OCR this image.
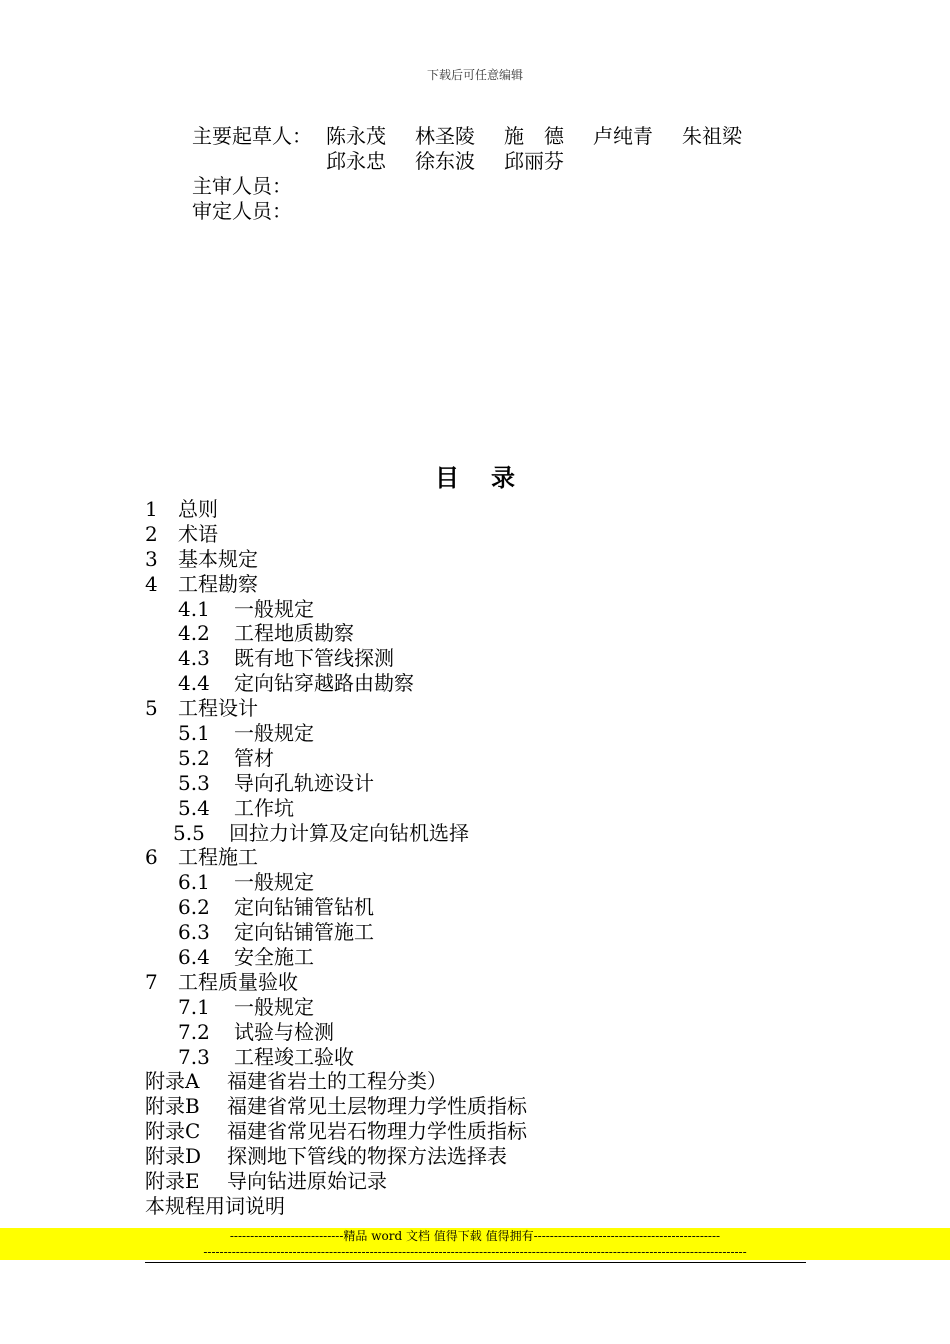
下载后可任意编辑
主要起草人： 陈永茂	林圣陵	施　德	卢纯青	朱祖梁
邱永忠	徐东波	邱丽芬
主审人员：
审定人员：
目录
1 总则
2 术语
3 基本规定
4 工程勘察
4.1 一般规定
4.2 工程地质勘察
4.3 既有地下管线探测
4.4 定向钻穿越路由勘察
5 工程设计
5.1 一般规定
5.2 管材
5.3 导向孔轨迹设计
5.4 工作坑
5.5 回拉力计算及定向钻机选择
6 工程施工
6.1 一般规定
6.2 定向钻铺管钻机
6.3 定向钻铺管施工
6.4 安全施工
7 工程质量验收
7.1 一般规定
7.2 试验与检测
7.3 工程竣工验收
附录A 福建省岩土的工程分类）
附录B 福建省常见土层物理力学性质指标
附录C 福建省常见岩石物理力学性质指标
附录D 探测地下管线的物探方法选择表
附录E 导向钻进原始记录
本规程用词说明
----------------------------精品 word 文档 值得下载 值得拥有----------------------------------------------
--------------------------------------------------------------------------------------------------------------------------------------
